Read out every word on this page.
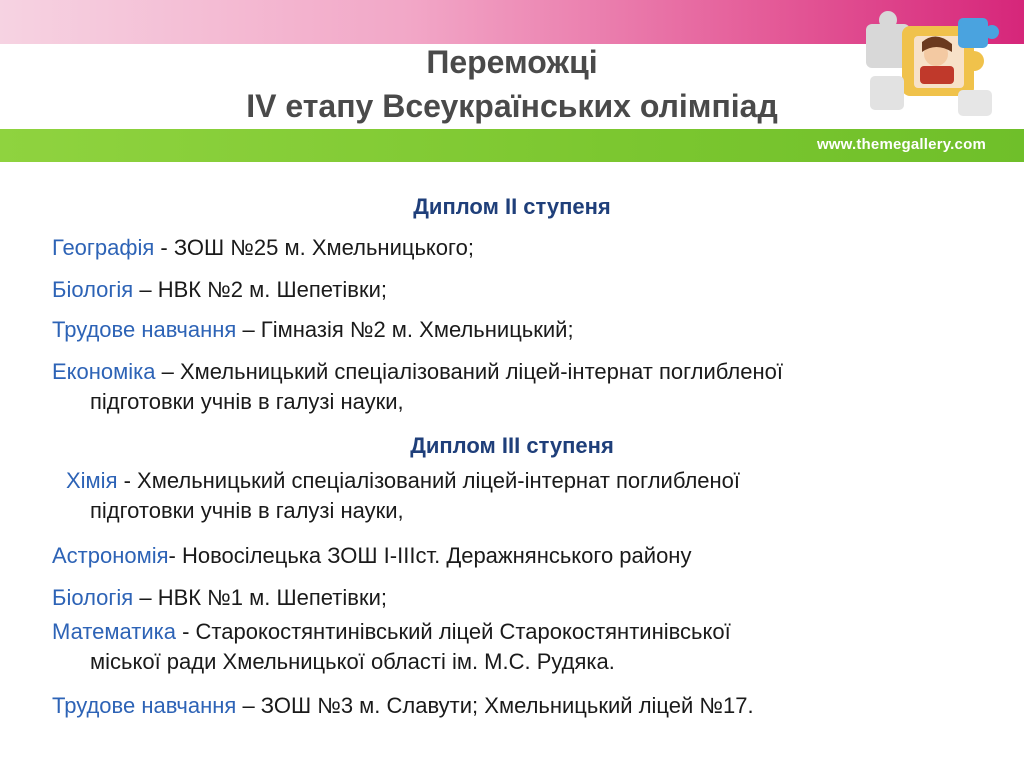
www.themegallery.com
Переможці
IV етапу Всеукраїнських олімпіад
Диплом ІІ ступеня
Географія - ЗОШ №25 м. Хмельницького;
Біологія – НВК №2 м. Шепетівки;
Трудове навчання – Гімназія №2 м. Хмельницький;
Економіка – Хмельницький спеціалізований ліцей-інтернат поглибленої
підготовки учнів в галузі науки,
Диплом ІІІ ступеня
Хімія - Хмельницький спеціалізований ліцей-інтернат поглибленої
підготовки учнів в галузі науки,
Астрономія- Новосілецька ЗОШ І-ІІІст. Деражнянського району
Біологія – НВК №1 м. Шепетівки;
Математика - Старокостянтинівський ліцей Старокостянтинівської
міської ради Хмельницької області ім. М.С. Рудяка.
Трудове навчання – ЗОШ №3 м. Славути; Хмельницький ліцей №17.
